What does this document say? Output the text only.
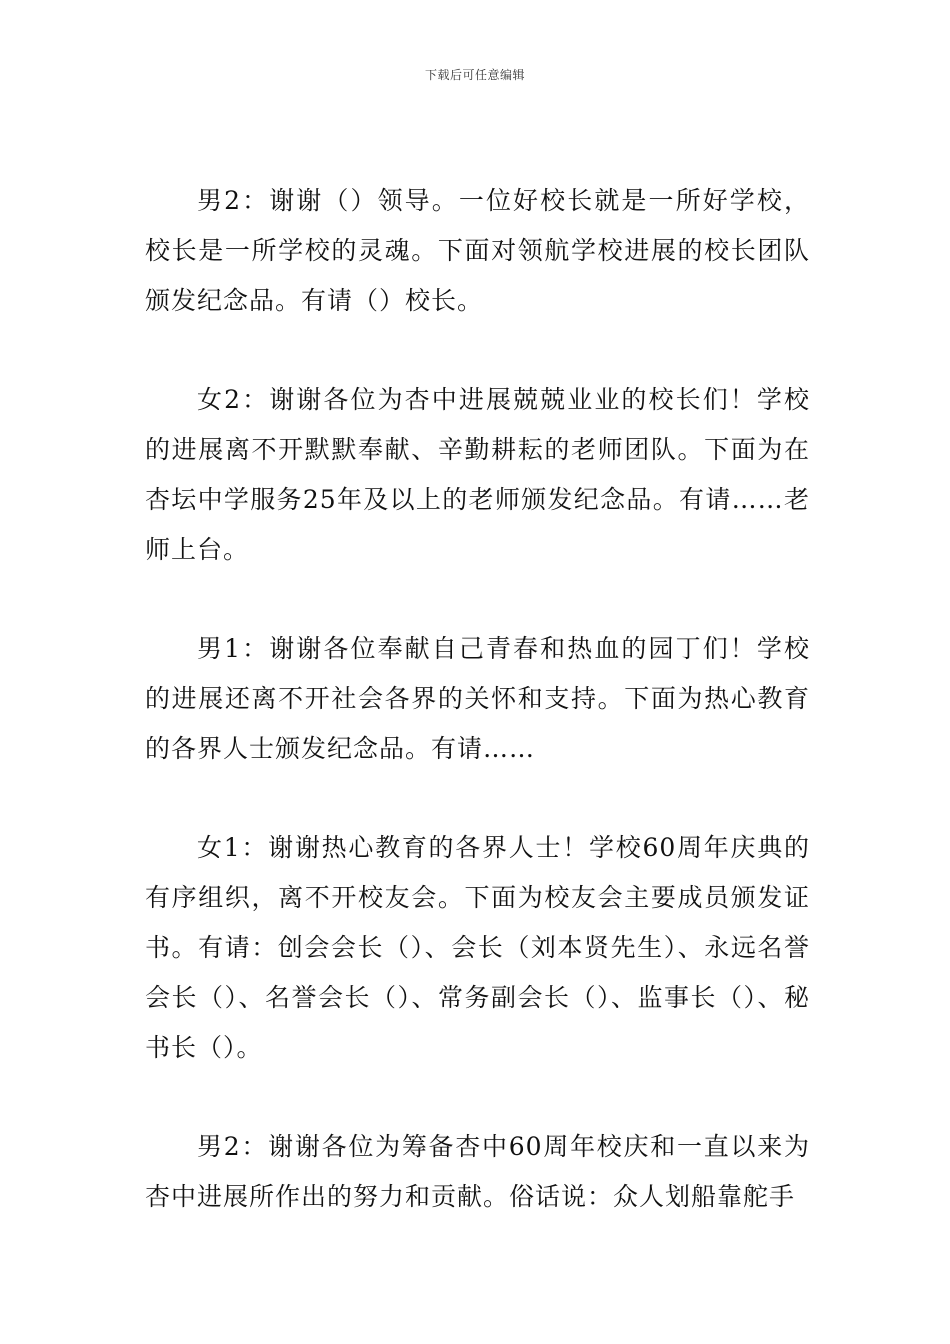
下载后可任意编辑

男2：谢谢（）领导。一位好校长就是一所好学校，校长是一所学校的灵魂。下面对领航学校进展的校长团队颁发纪念品。有请（）校长。

女2：谢谢各位为杏中进展兢兢业业的校长们！学校的进展离不开默默奉献、辛勤耕耘的老师团队。下面为在杏坛中学服务25年及以上的老师颁发纪念品。有请……老师上台。

男1：谢谢各位奉献自己青春和热血的园丁们！学校的进展还离不开社会各界的关怀和支持。下面为热心教育的各界人士颁发纪念品。有请……

女1：谢谢热心教育的各界人士！学校60周年庆典的有序组织，离不开校友会。下面为校友会主要成员颁发证书。有请：创会会长（）、会长（刘本贤先生）、永远名誉会长（）、名誉会长（）、常务副会长（）、监事长（）、秘书长（）。

男2：谢谢各位为筹备杏中60周年校庆和一直以来为杏中进展所作出的努力和贡献。俗话说：众人划船靠舵手
